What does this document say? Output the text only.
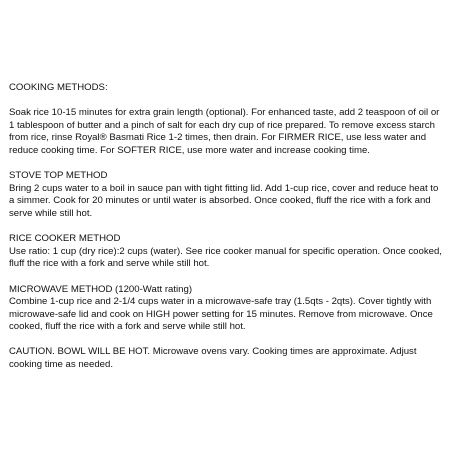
COOKING METHODS:

Soak rice 10-15 minutes for extra grain length (optional). For enhanced taste, add 2 teaspoon of oil or 1 tablespoon of butter and a pinch of salt for each dry cup of rice prepared. To remove excess starch from rice, rinse Royal® Basmati Rice 1-2 times, then drain. For FIRMER RICE, use less water and reduce cooking time. For SOFTER RICE, use more water and increase cooking time.

STOVE TOP METHOD

Bring 2 cups water to a boil in sauce pan with tight fitting lid. Add 1-cup rice, cover and reduce heat to a simmer. Cook for 20 minutes or until water is absorbed. Once cooked, fluff the rice with a fork and serve while still hot.

RICE COOKER METHOD

Use ratio: 1 cup (dry rice):2 cups (water). See rice cooker manual for specific operation. Once cooked, fluff the rice with a fork and serve while still hot.

MICROWAVE METHOD (1200-Watt rating)

Combine 1-cup rice and 2-1/4 cups water in a microwave-safe tray (1.5qts - 2qts). Cover tightly with microwave-safe lid and cook on HIGH power setting for 15 minutes. Remove from microwave. Once cooked, fluff the rice with a fork and serve while still hot.

CAUTION. BOWL WILL BE HOT. Microwave ovens vary. Cooking times are approximate. Adjust cooking time as needed.
